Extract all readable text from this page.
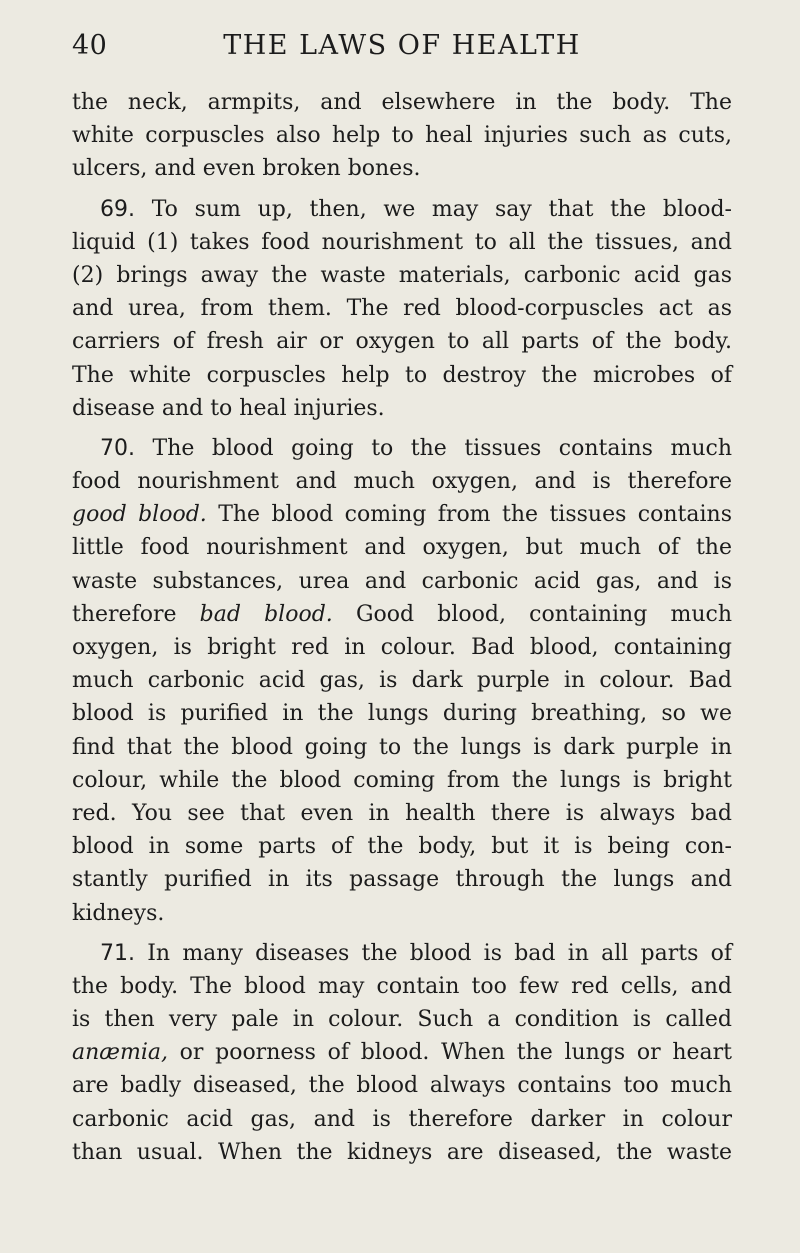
40	THE LAWS OF HEALTH
the neck, armpits, and elsewhere in the body. The
white corpuscles also help to heal injuries such as cuts,
ulcers, and even broken bones.
69. To sum up, then, we may say that the blood-
liquid (1) takes food nourishment to all the tissues, and
(2) brings away the waste materials, carbonic acid gas
and urea, from them. The red blood-corpuscles act as
carriers of fresh air or oxygen to all parts of the body.
The white corpuscles help to destroy the microbes of
disease and to heal injuries.
70. The blood going to the tissues contains much
food nourishment and much oxygen, and is therefore
good blood. The blood coming from the tissues contains
little food nourishment and oxygen, but much of the
waste substances, urea and carbonic acid gas, and is
therefore bad blood. Good blood, containing much
oxygen, is bright red in colour. Bad blood, containing
much carbonic acid gas, is dark purple in colour. Bad
blood is purified in the lungs during breathing, so we
find that the blood going to the lungs is dark purple in
colour, while the blood coming from the lungs is bright
red. You see that even in health there is always bad
blood in some parts of the body, but it is being con-
stantly purified in its passage through the lungs and
kidneys.
71. In many diseases the blood is bad in all parts of
the body. The blood may contain too few red cells, and
is then very pale in colour. Such a condition is called
anæmia, or poorness of blood. When the lungs or heart
are badly diseased, the blood always contains too much
carbonic acid gas, and is therefore darker in colour
than usual. When the kidneys are diseased, the waste
